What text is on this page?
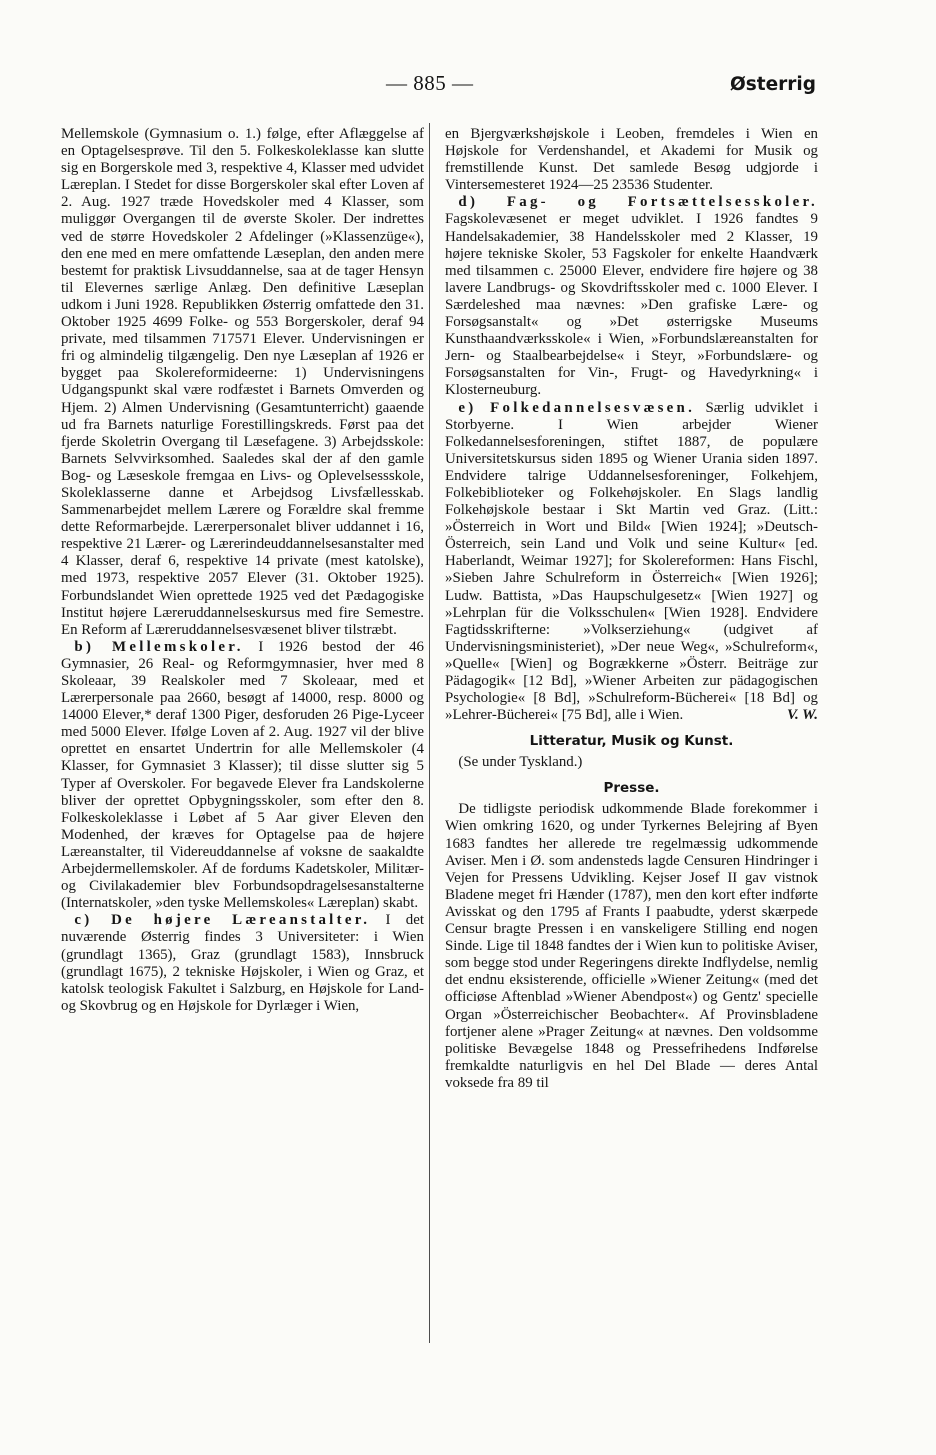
— 885 —	Østerrig

Mellemskole (Gymnasium o. 1.) følge, efter Aflæggelse af en Optagelsesprøve. Til den 5. Folkeskoleklasse kan slutte sig en Borgerskole med 3, respektive 4, Klasser med udvidet Læreplan. I Stedet for disse Borgerskoler skal efter Loven af 2. Aug. 1927 træde Hovedskoler med 4 Klasser, som muliggør Overgangen til de øverste Skoler. Der indrettes ved de større Hovedskoler 2 Afdelinger (»Klassenzüge«), den ene med en mere omfattende Læseplan, den anden mere bestemt for praktisk Livsuddannelse, saa at de tager Hensyn til Elevernes særlige Anlæg. Den definitive Læseplan udkom i Juni 1928. Republikken Østerrig omfattede den 31. Oktober 1925 4699 Folke- og 553 Borgerskoler, deraf 94 private, med tilsammen 717571 Elever. Undervisningen er fri og almindelig tilgængelig. Den nye Læseplan af 1926 er bygget paa Skolereformideerne: 1) Undervisningens Udgangspunkt skal være rodfæstet i Barnets Omverden og Hjem. 2) Almen Undervisning (Gesamtunterricht) gaaende ud fra Barnets naturlige Forestillingskreds. Først paa det fjerde Skoletrin Overgang til Læsefagene. 3) Arbejdsskole: Barnets Selvvirksomhed. Saaledes skal der af den gamle Bog- og Læseskole fremgaa en Livs- og Oplevelsessskole, Skoleklasserne danne et Arbejdsog Livsfællesskab. Sammenarbejdet mellem Lærere og Forældre skal fremme dette Reformarbejde. Lærerpersonalet bliver uddannet i 16, respektive 21 Lærer- og Lærerindeuddannelsesanstalter med 4 Klasser, deraf 6, respektive 14 private (mest katolske), med 1973, respektive 2057 Elever (31. Oktober 1925). Forbundslandet Wien oprettede 1925 ved det Pædagogiske Institut højere Læreruddannelseskursus med fire Semestre. En Reform af Læreruddannelsesvæsenet bliver tilstræbt.

b) Mellemskoler. I 1926 bestod der 46 Gymnasier, 26 Real- og Reformgymnasier, hver med 8 Skoleaar, 39 Realskoler med 7 Skoleaar, med et Lærerpersonale paa 2660, besøgt af 14000, resp. 8000 og 14000 Elever,* deraf 1300 Piger, desforuden 26 Pige-Lyceer med 5000 Elever. Ifølge Loven af 2. Aug. 1927 vil der blive oprettet en ensartet Undertrin for alle Mellemskoler (4 Klasser, for Gymnasiet 3 Klasser); til disse slutter sig 5 Typer af Overskoler. For begavede Elever fra Landskolerne bliver der oprettet Opbygningsskoler, som efter den 8. Folkeskoleklasse i Løbet af 5 Aar giver Eleven den Modenhed, der kræves for Optagelse paa de højere Læreanstalter, til Videreuddannelse af voksne de saakaldte Arbejdermellemskoler. Af de fordums Kadetskoler, Militær- og Civilakademier blev Forbundsopdragelsesanstalterne (Internatskoler, »den tyske Mellemskoles« Læreplan) skabt.

c) De højere Læreanstalter. I det nuværende Østerrig findes 3 Universiteter: i Wien (grundlagt 1365), Graz (grundlagt 1583), Innsbruck (grundlagt 1675), 2 tekniske Højskoler, i Wien og Graz, et katolsk teologisk Fakultet i Salzburg, en Højskole for Land- og Skovbrug og en Højskole for Dyrlæger i Wien,

en Bjergværkshøjskole i Leoben, fremdeles i Wien en Højskole for Verdenshandel, et Akademi for Musik og fremstillende Kunst. Det samlede Besøg udgjorde i Vintersemesteret 1924—25 23536 Studenter.

d) Fag- og Fortsættelsesskoler. Fagskolevæsenet er meget udviklet. I 1926 fandtes 9 Handelsakademier, 38 Handelsskoler med 2 Klasser, 19 højere tekniske Skoler, 53 Fagskoler for enkelte Haandværk med tilsammen c. 25000 Elever, endvidere fire højere og 38 lavere Landbrugs- og Skovdriftsskoler med c. 1000 Elever. I Særdeleshed maa nævnes: »Den grafiske Lære- og Forsøgsanstalt« og »Det østerrigske Museums Kunsthaandværksskole« i Wien, »Forbundslæreanstalten for Jern- og Staalbearbejdelse« i Steyr, »Forbundslære- og Forsøgsanstalten for Vin-, Frugt- og Havedyrkning« i Klosterneuburg.

e) Folkedannelsesvæsen. Særlig udviklet i Storbyerne. I Wien arbejder Wiener Folkedannelsesforeningen, stiftet 1887, de populære Universitetskursus siden 1895 og Wiener Urania siden 1897. Endvidere talrige Uddannelsesforeninger, Folkehjem, Folkebiblioteker og Folkehøjskoler. En Slags landlig Folkehøjskole bestaar i Skt Martin ved Graz. (Litt.: »Österreich in Wort und Bild« [Wien 1924]; »Deutsch-Österreich, sein Land und Volk und seine Kultur« [ed. Haberlandt, Weimar 1927]; for Skolereformen: Hans Fischl, »Sieben Jahre Schulreform in Österreich« [Wien 1926]; Ludw. Battista, »Das Haupschulgesetz« [Wien 1927] og »Lehrplan für die Volksschulen« [Wien 1928]. Endvidere Fagtidsskrifterne: »Volkserziehung« (udgivet af Undervisningsministeriet), »Der neue Weg«, »Schulreform«, »Quelle« [Wien] og Bogrækkerne »Österr. Beiträge zur Pädagogik« [12 Bd], »Wiener Arbeiten zur pädagogischen Psychologie« [8 Bd], »Schulreform-Bücherei« [18 Bd] og »Lehrer-Bücherei« [75 Bd], alle i Wien.	V. W.

Litteratur, Musik og Kunst.

(Se under Tyskland.)

Presse.

De tidligste periodisk udkommende Blade forekommer i Wien omkring 1620, og under Tyrkernes Belejring af Byen 1683 fandtes her allerede tre regelmæssig udkommende Aviser. Men i Ø. som andensteds lagde Censuren Hindringer i Vejen for Pressens Udvikling. Kejser Josef II gav vistnok Bladene meget fri Hænder (1787), men den kort efter indførte Avisskat og den 1795 af Frants I paabudte, yderst skærpede Censur bragte Pressen i en vanskeligere Stilling end nogen Sinde. Lige til 1848 fandtes der i Wien kun to politiske Aviser, som begge stod under Regeringens direkte Indflydelse, nemlig det endnu eksisterende, officielle »Wiener Zeitung« (med det officiøse Aftenblad »Wiener Abendpost«) og Gentz' specielle Organ »Österreichischer Beobachter«. Af Provinsbladene fortjener alene »Prager Zeitung« at nævnes. Den voldsomme politiske Bevægelse 1848 og Pressefrihedens Indførelse fremkaldte naturligvis en hel Del Blade — deres Antal voksede fra 89 til
